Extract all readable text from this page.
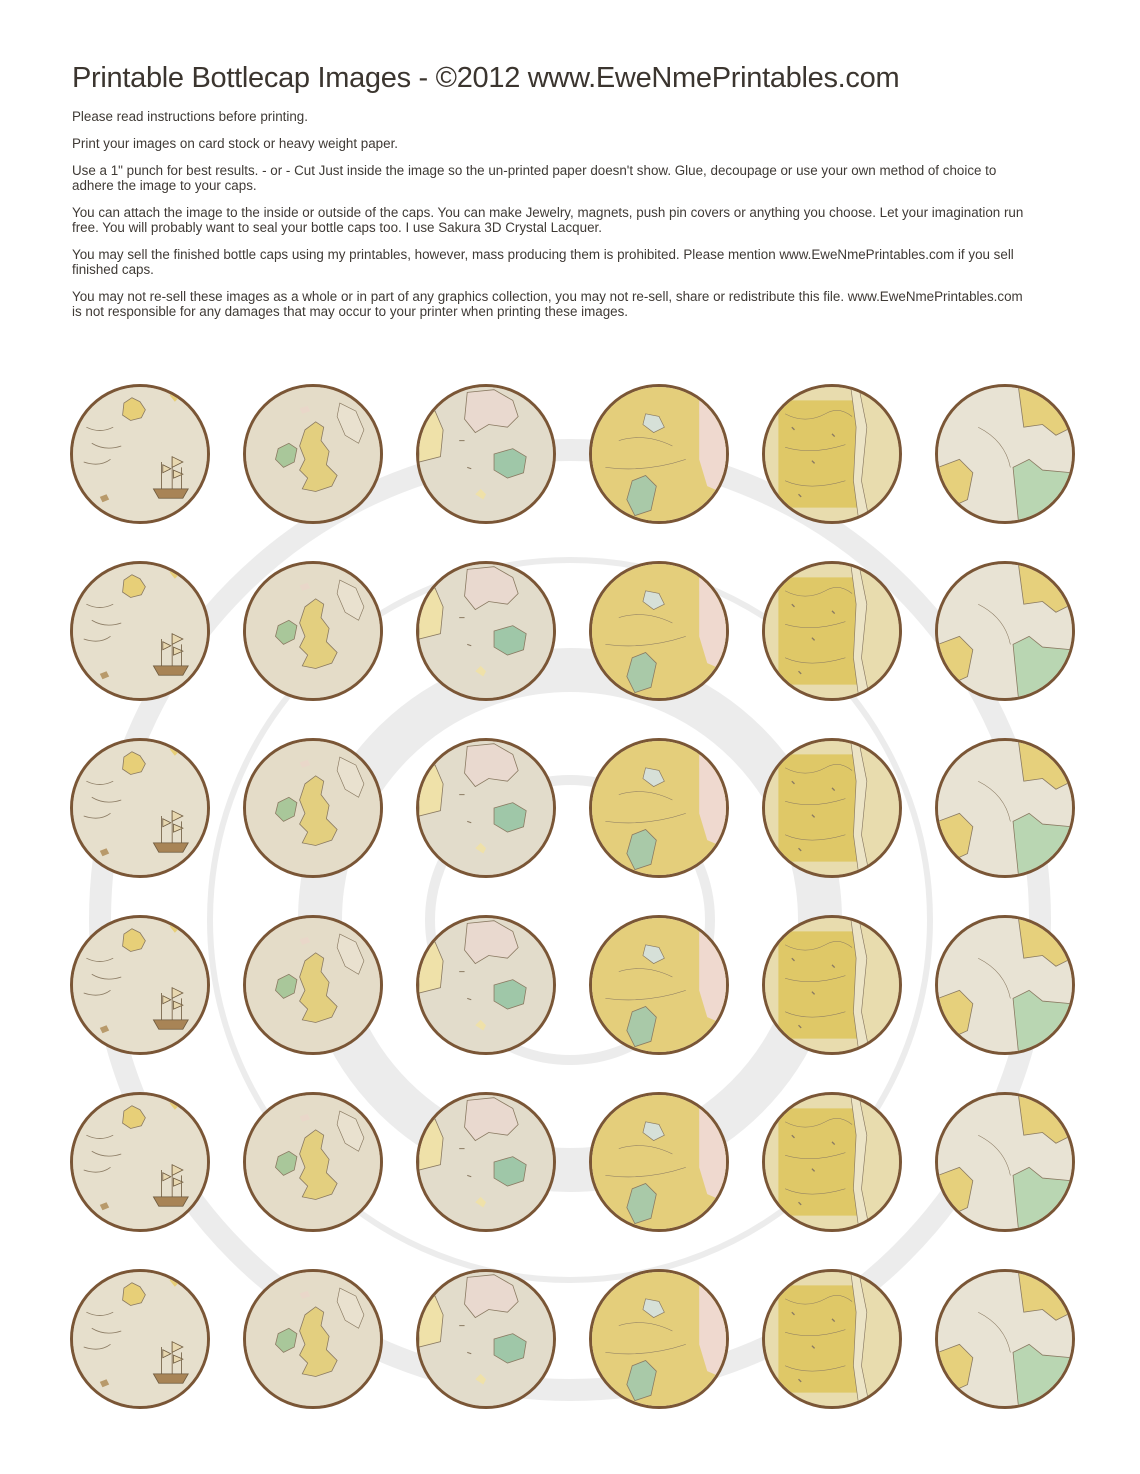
Printable Bottlecap Images - ©2012 www.EweNmePrintables.com

Please read instructions before printing.

Print your images on card stock or heavy weight paper.

Use a 1" punch for best results. - or - Cut Just inside the image so the un-printed paper doesn't show. Glue, decoupage or use your own method of choice to adhere the image to your caps.

You can attach the image to the inside or outside of the caps. You can make Jewelry, magnets, push pin covers or anything you choose. Let your imagination run free. You will probably want to seal your bottle caps too. I use Sakura 3D Crystal Lacquer.

You may sell the finished bottle caps using my printables, however, mass producing them is prohibited. Please mention www.EweNmePrintables.com if you sell finished caps.

You may not re-sell these images as a whole or in part of any graphics collection, you may not re-sell, share or redistribute this file. www.EweNmePrintables.com is not responsible for any damages that may occur to your printer when printing these images.
